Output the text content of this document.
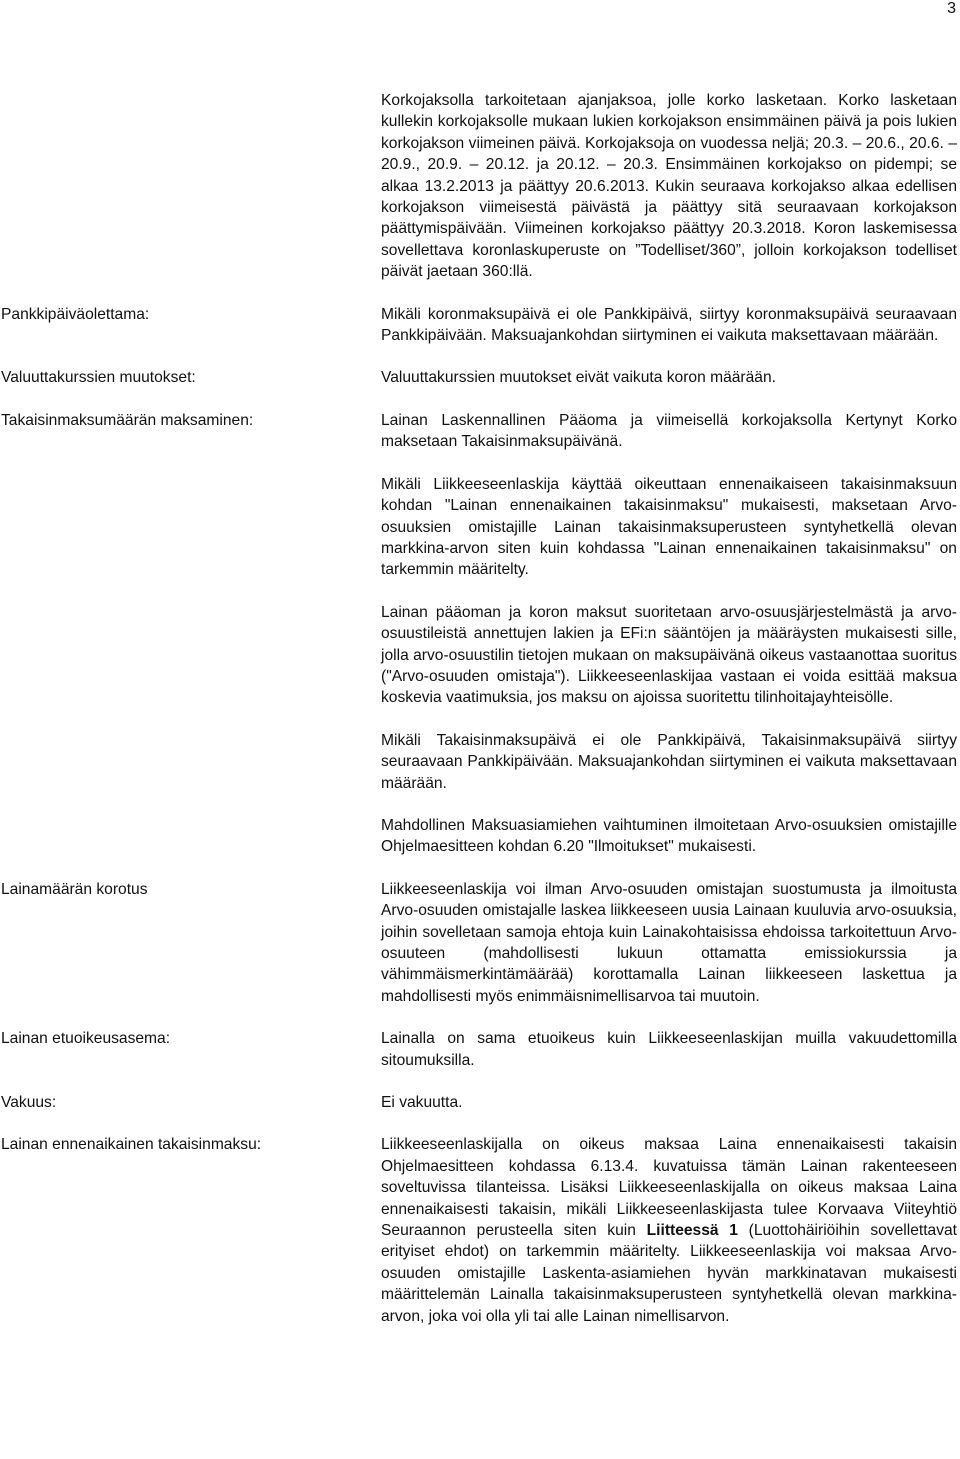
3
Korkojaksolla tarkoitetaan ajanjaksoa, jolle korko lasketaan. Korko lasketaan kullekin korkojaksolle mukaan lukien korkojakson ensimmäinen päivä ja pois lukien korkojakson viimeinen päivä. Korkojaksoja on vuodessa neljä; 20.3. – 20.6., 20.6. – 20.9., 20.9. – 20.12. ja 20.12. – 20.3. Ensimmäinen korkojakso on pidempi; se alkaa 13.2.2013 ja päättyy 20.6.2013. Kukin seuraava korkojakso alkaa edellisen korkojakson viimeisestä päivästä ja päättyy sitä seuraavaan korkojakson päättymispäivään. Viimeinen korkojakso päättyy 20.3.2018. Koron laskemisessa sovellettava koronlaskuperuste on ”Todelliset/360”, jolloin korkojakson todelliset päivät jaetaan 360:llä.
Pankkipäiväolettama:	Mikäli koronmaksupäivä ei ole Pankkipäivä, siirtyy koronmaksupäivä seuraavaan Pankkipäivään. Maksuajankohdan siirtyminen ei vaikuta maksettavaan määrään.
Valuuttakurssien muutokset:	Valuuttakurssien muutokset eivät vaikuta koron määrään.
Takaisinmaksumäärän maksaminen:	Lainan Laskennallinen Pääoma ja viimeisellä korkojaksolla Kertynyt Korko maksetaan Takaisinmaksupäivänä.
Mikäli Liikkeeseenlaskija käyttää oikeuttaan ennenaikaiseen takaisinmaksuun kohdan "Lainan ennenaikainen takaisinmaksu" mukaisesti, maksetaan Arvo-osuuksien omistajille Lainan takaisinmaksuperusteen syntyhetkellä olevan markkina-arvon siten kuin kohdassa "Lainan ennenaikainen takaisinmaksu" on tarkemmin määritelty.
Lainan pääoman ja koron maksut suoritetaan arvo-osuusjärjestelmästä ja arvo-osuustileistä annettujen lakien ja EFi:n sääntöjen ja määräysten mukaisesti sille, jolla arvo-osuustilin tietojen mukaan on maksupäivänä oikeus vastaanottaa suoritus ("Arvo-osuuden omistaja"). Liikkeeseenlaskijaa vastaan ei voida esittää maksua koskevia vaatimuksia, jos maksu on ajoissa suoritettu tilinhoitajayhteisölle.
Mikäli Takaisinmaksupäivä ei ole Pankkipäivä, Takaisinmaksupäivä siirtyy seuraavaan Pankkipäivään. Maksuajankohdan siirtyminen ei vaikuta maksettavaan määrään.
Mahdollinen Maksuasiamiehen vaihtuminen ilmoitetaan Arvo-osuuksien omistajille Ohjelmaesitteen kohdan 6.20 "Ilmoitukset" mukaisesti.
Lainamäärän korotus	Liikkeeseenlaskija voi ilman Arvo-osuuden omistajan suostumusta ja ilmoitusta Arvo-osuuden omistajalle laskea liikkeeseen uusia Lainaan kuuluvia arvo-osuuksia, joihin sovelletaan samoja ehtoja kuin Lainakohtaisissa ehdoissa tarkoitettuun Arvo-osuuteen (mahdollisesti lukuun ottamatta emissiokurssia ja vähimmäismerkintämäärää) korottamalla Lainan liikkeeseen laskettua ja mahdollisesti myös enimmäisnimellisarvoa tai muutoin.
Lainan etuoikeusasema:	Lainalla on sama etuoikeus kuin Liikkeeseenlaskijan muilla vakuudettomilla sitoumuksilla.
Vakuus:	Ei vakuutta.
Lainan ennenaikainen takaisinmaksu:	Liikkeeseenlaskijalla on oikeus maksaa Laina ennenaikaisesti takaisin Ohjelmaesitteen kohdassa 6.13.4. kuvatuissa tämän Lainan rakenteeseen soveltuvissa tilanteissa. Lisäksi Liikkeeseenlaskijalla on oikeus maksaa Laina ennenaikaisesti takaisin, mikäli Liikkeeseenlaskijasta tulee Korvaava Viiteyhtiö Seuraannon perusteella siten kuin Liitteessä 1 (Luottohäiriöihin sovellettavat erityiset ehdot) on tarkemmin määritelty. Liikkeeseenlaskija voi maksaa Arvo-osuuden omistajille Laskenta-asiamiehen hyvän markkinatavan mukaisesti määrittelemän Lainalla takaisinmaksuperusteen syntyhetkellä olevan markkina-arvon, joka voi olla yli tai alle Lainan nimellisarvon.
